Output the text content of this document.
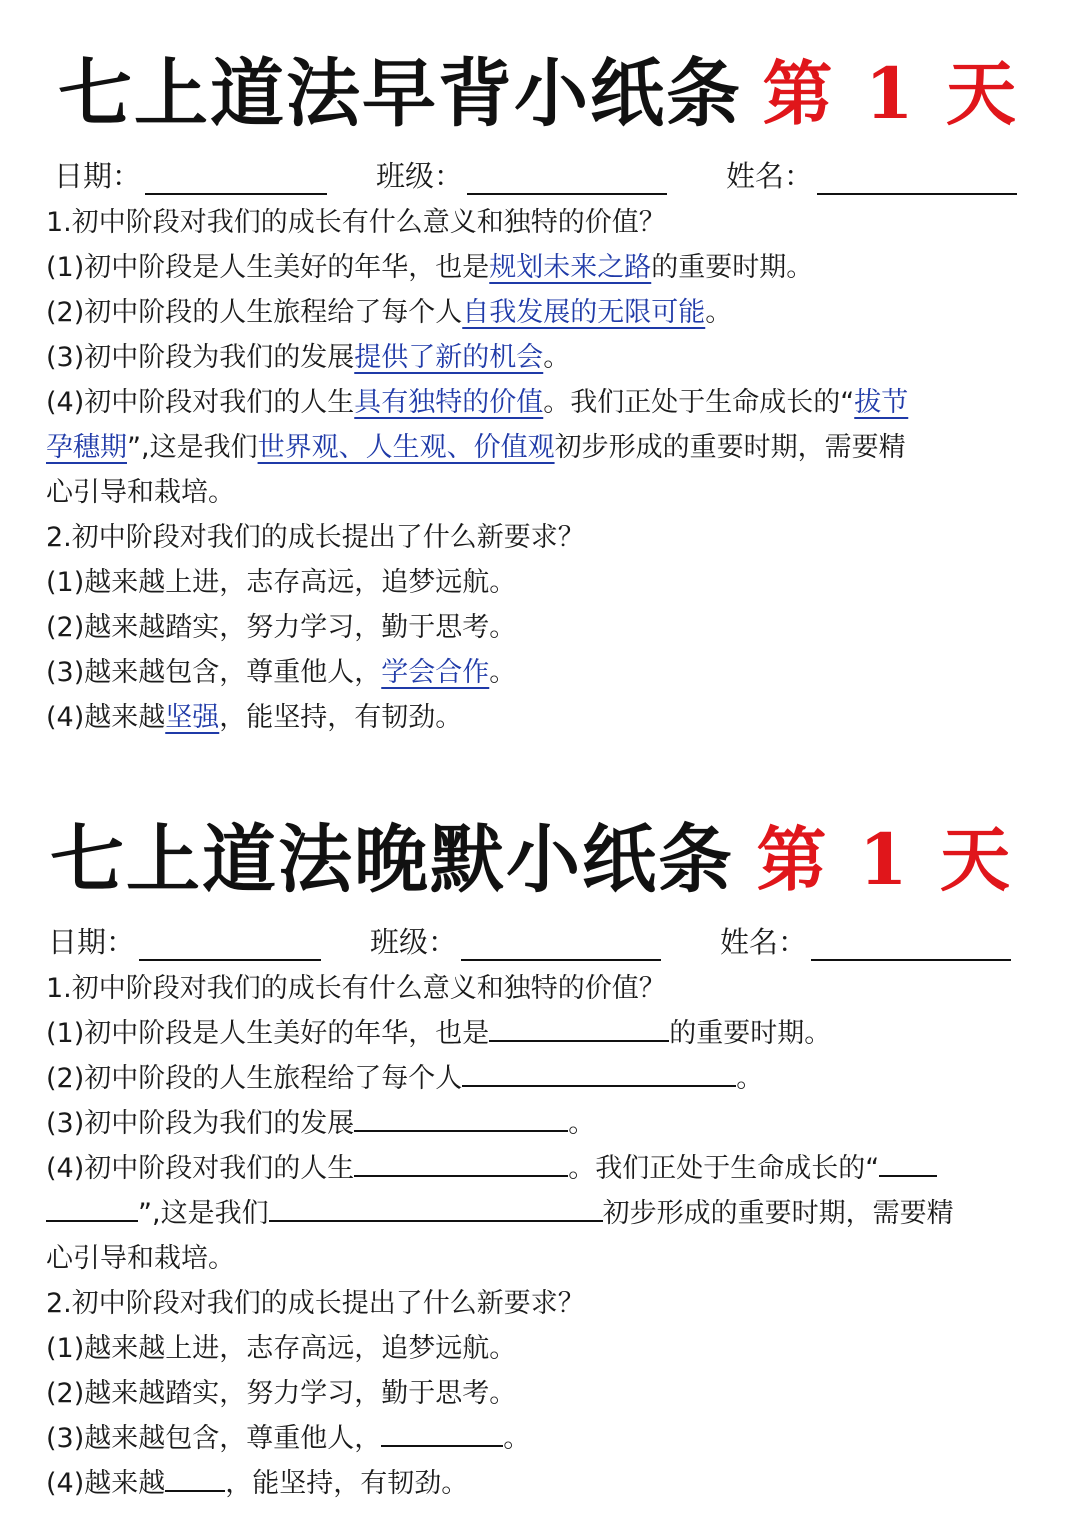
七上道法早背小纸条 第 1 天
日期：	班级：	姓名：
1.初中阶段对我们的成长有什么意义和独特的价值？
(1)初中阶段是人生美好的年华，也是规划未来之路的重要时期。
(2)初中阶段的人生旅程给了每个人自我发展的无限可能。
(3)初中阶段为我们的发展提供了新的机会。
(4)初中阶段对我们的人生具有独特的价值。我们正处于生命成长的“拔节
孕穗期”,这是我们世界观、人生观、价值观初步形成的重要时期，需要精
心引导和栽培。
2.初中阶段对我们的成长提出了什么新要求？
(1)越来越上进，志存高远，追梦远航。
(2)越来越踏实，努力学习，勤于思考。
(3)越来越包含，尊重他人，学会合作。
(4)越来越坚强，能坚持，有韧劲。
七上道法晚默小纸条 第 1 天
日期：	班级：	姓名：
1.初中阶段对我们的成长有什么意义和独特的价值？
(1)初中阶段是人生美好的年华，也是	的重要时期。
(2)初中阶段的人生旅程给了每个人	。
(3)初中阶段为我们的发展	。
(4)初中阶段对我们的人生	。我们正处于生命成长的“
”,这是我们	初步形成的重要时期，需要精
心引导和栽培。
2.初中阶段对我们的成长提出了什么新要求？
(1)越来越上进，志存高远，追梦远航。
(2)越来越踏实，努力学习，勤于思考。
(3)越来越包含，尊重他人，	。
(4)越来越 ，能坚持，有韧劲。
